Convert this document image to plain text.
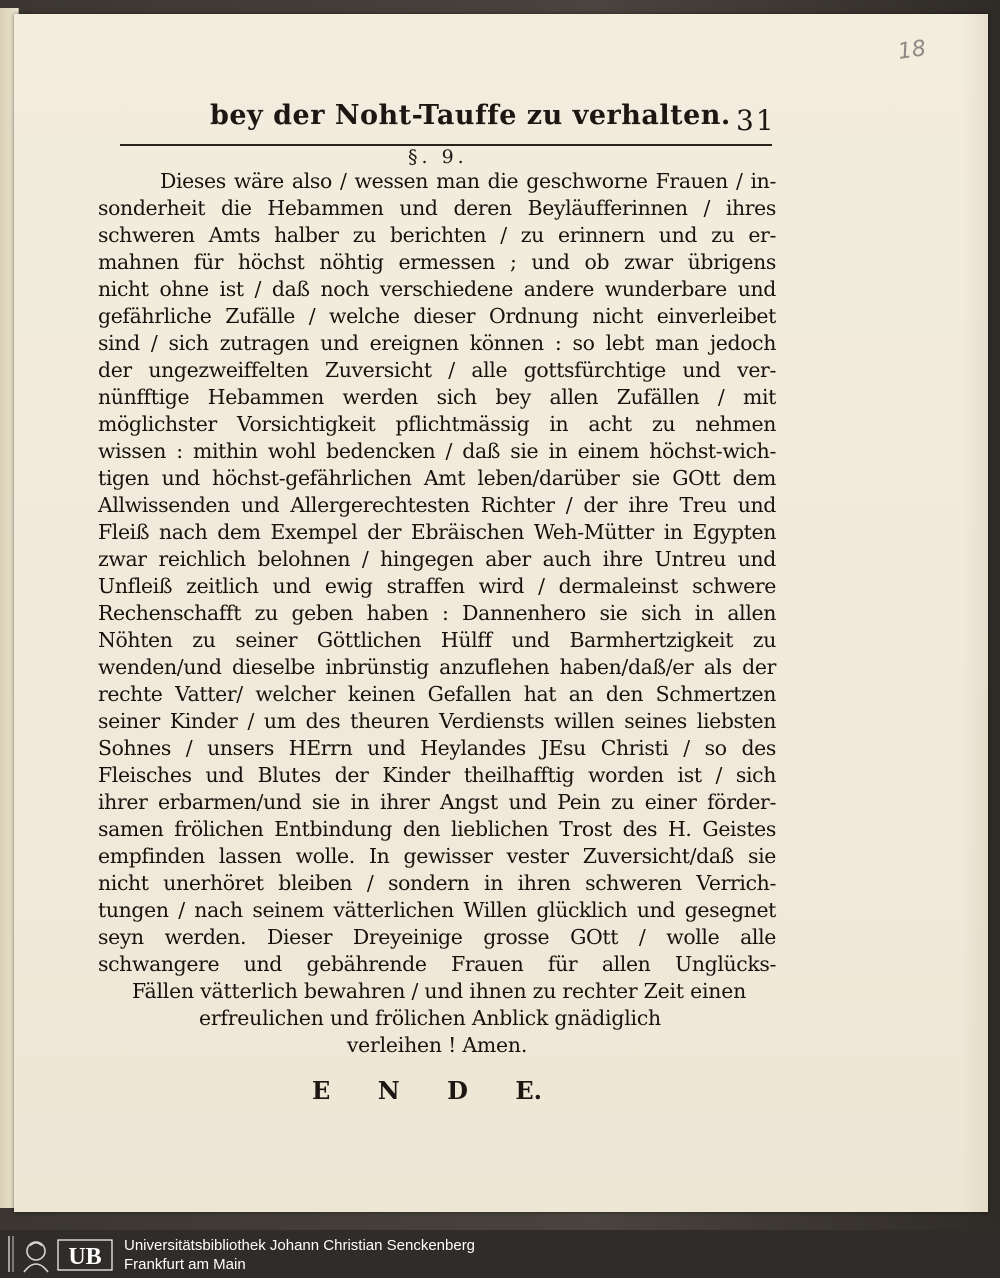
18
bey der Noht-Tauffe zu verhalten. 31
§. 9.
Dieses wäre also / wessen man die geschworne Frauen / in-
sonderheit die Hebammen und deren Beyläufferinnen / ihres
schweren Amts halber zu berichten / zu erinnern und zu er-
mahnen für höchst nöhtig ermessen ; und ob zwar übrigens
nicht ohne ist / daß noch verschiedene andere wunderbare und
gefährliche Zufälle / welche dieser Ordnung nicht einverleibet
sind / sich zutragen und ereignen können : so lebt man jedoch
der ungezweiffelten Zuversicht / alle gottsfürchtige und ver-
nünfftige Hebammen werden sich bey allen Zufällen / mit
möglichster Vorsichtigkeit pflichtmässig in acht zu nehmen
wissen : mithin wohl bedencken / daß sie in einem höchst-wich-
tigen und höchst-gefährlichen Amt leben/darüber sie GOtt dem
Allwissenden und Allergerechtesten Richter / der ihre Treu und
Fleiß nach dem Exempel der Ebräischen Weh-Mütter in Egypten
zwar reichlich belohnen / hingegen aber auch ihre Untreu und
Unfleiß zeitlich und ewig straffen wird / dermaleinst schwere
Rechenschafft zu geben haben : Dannenhero sie sich in allen
Nöhten zu seiner Göttlichen Hülff und Barmhertzigkeit zu
wenden/und dieselbe inbrünstig anzuflehen haben/daß/er als der
rechte Vatter/ welcher keinen Gefallen hat an den Schmertzen
seiner Kinder / um des theuren Verdiensts willen seines liebsten
Sohnes / unsers HErrn und Heylandes JEsu Christi / so des
Fleisches und Blutes der Kinder theilhafftig worden ist / sich
ihrer erbarmen/und sie in ihrer Angst und Pein zu einer förder-
samen frölichen Entbindung den lieblichen Trost des H. Geistes
empfinden lassen wolle. In gewisser vester Zuversicht/daß sie
nicht unerhöret bleiben / sondern in ihren schweren Verrich-
tungen / nach seinem vätterlichen Willen glücklich und gesegnet
seyn werden. Dieser Dreyeinige grosse GOtt / wolle alle
schwangere und gebährende Frauen für allen Unglücks-
Fällen vätterlich bewahren / und ihnen zu rechter Zeit einen
erfreulichen und frölichen Anblick gnädiglich
verleihen ! Amen.
E N D E.
UB Universitätsbibliothek Johann Christian Senckenberg
Frankfurt am Main
